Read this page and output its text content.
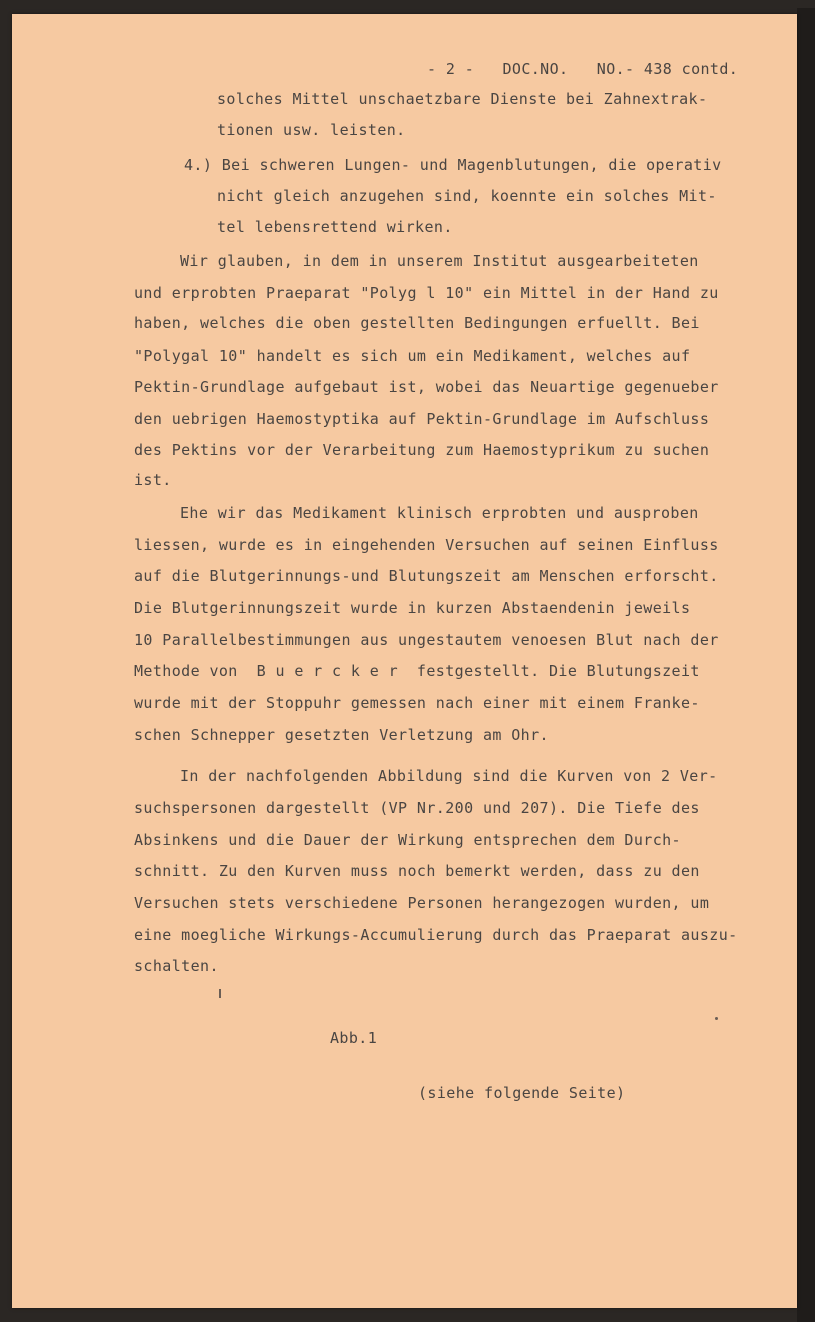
- 2 - DOC.NO. NO.- 438 contd.
solches Mittel unschaetzbare Dienste bei Zahnextrak-
tionen usw. leisten.
4.) Bei schweren Lungen- und Magenblutungen, die operativ
nicht gleich anzugehen sind, koennte ein solches Mit-
tel lebensrettend wirken.
Wir glauben, in dem in unserem Institut ausgearbeiteten
und erprobten Praeparat "Polyg l 10" ein Mittel in der Hand zu
haben, welches die oben gestellten Bedingungen erfuellt. Bei
"Polygal 10" handelt es sich um ein Medikament, welches auf
Pektin-Grundlage aufgebaut ist, wobei das Neuartige gegenueber
den uebrigen Haemostyptika auf Pektin-Grundlage im Aufschluss
des Pektins vor der Verarbeitung zum Haemostyprikum zu suchen
ist.
Ehe wir das Medikament klinisch erprobten und ausproben
liessen, wurde es in eingehenden Versuchen auf seinen Einfluss
auf die Blutgerinnungs-und Blutungszeit am Menschen erforscht.
Die Blutgerinnungszeit wurde in kurzen Abstaendenin jeweils
10 Parallelbestimmungen aus ungestautem venoesen Blut nach der
Methode von  B u e r c k e r  festgestellt. Die Blutungszeit
wurde mit der Stoppuhr gemessen nach einer mit einem Franke-
schen Schnepper gesetzten Verletzung am Ohr.
In der nachfolgenden Abbildung sind die Kurven von 2 Ver-
suchspersonen dargestellt (VP Nr.200 und 207). Die Tiefe des
Absinkens und die Dauer der Wirkung entsprechen dem Durch-
schnitt. Zu den Kurven muss noch bemerkt werden, dass zu den
Versuchen stets verschiedene Personen herangezogen wurden, um
eine moegliche Wirkungs-Accumulierung durch das Praeparat auszu-
schalten.
Abb.1
(siehe folgende Seite)
